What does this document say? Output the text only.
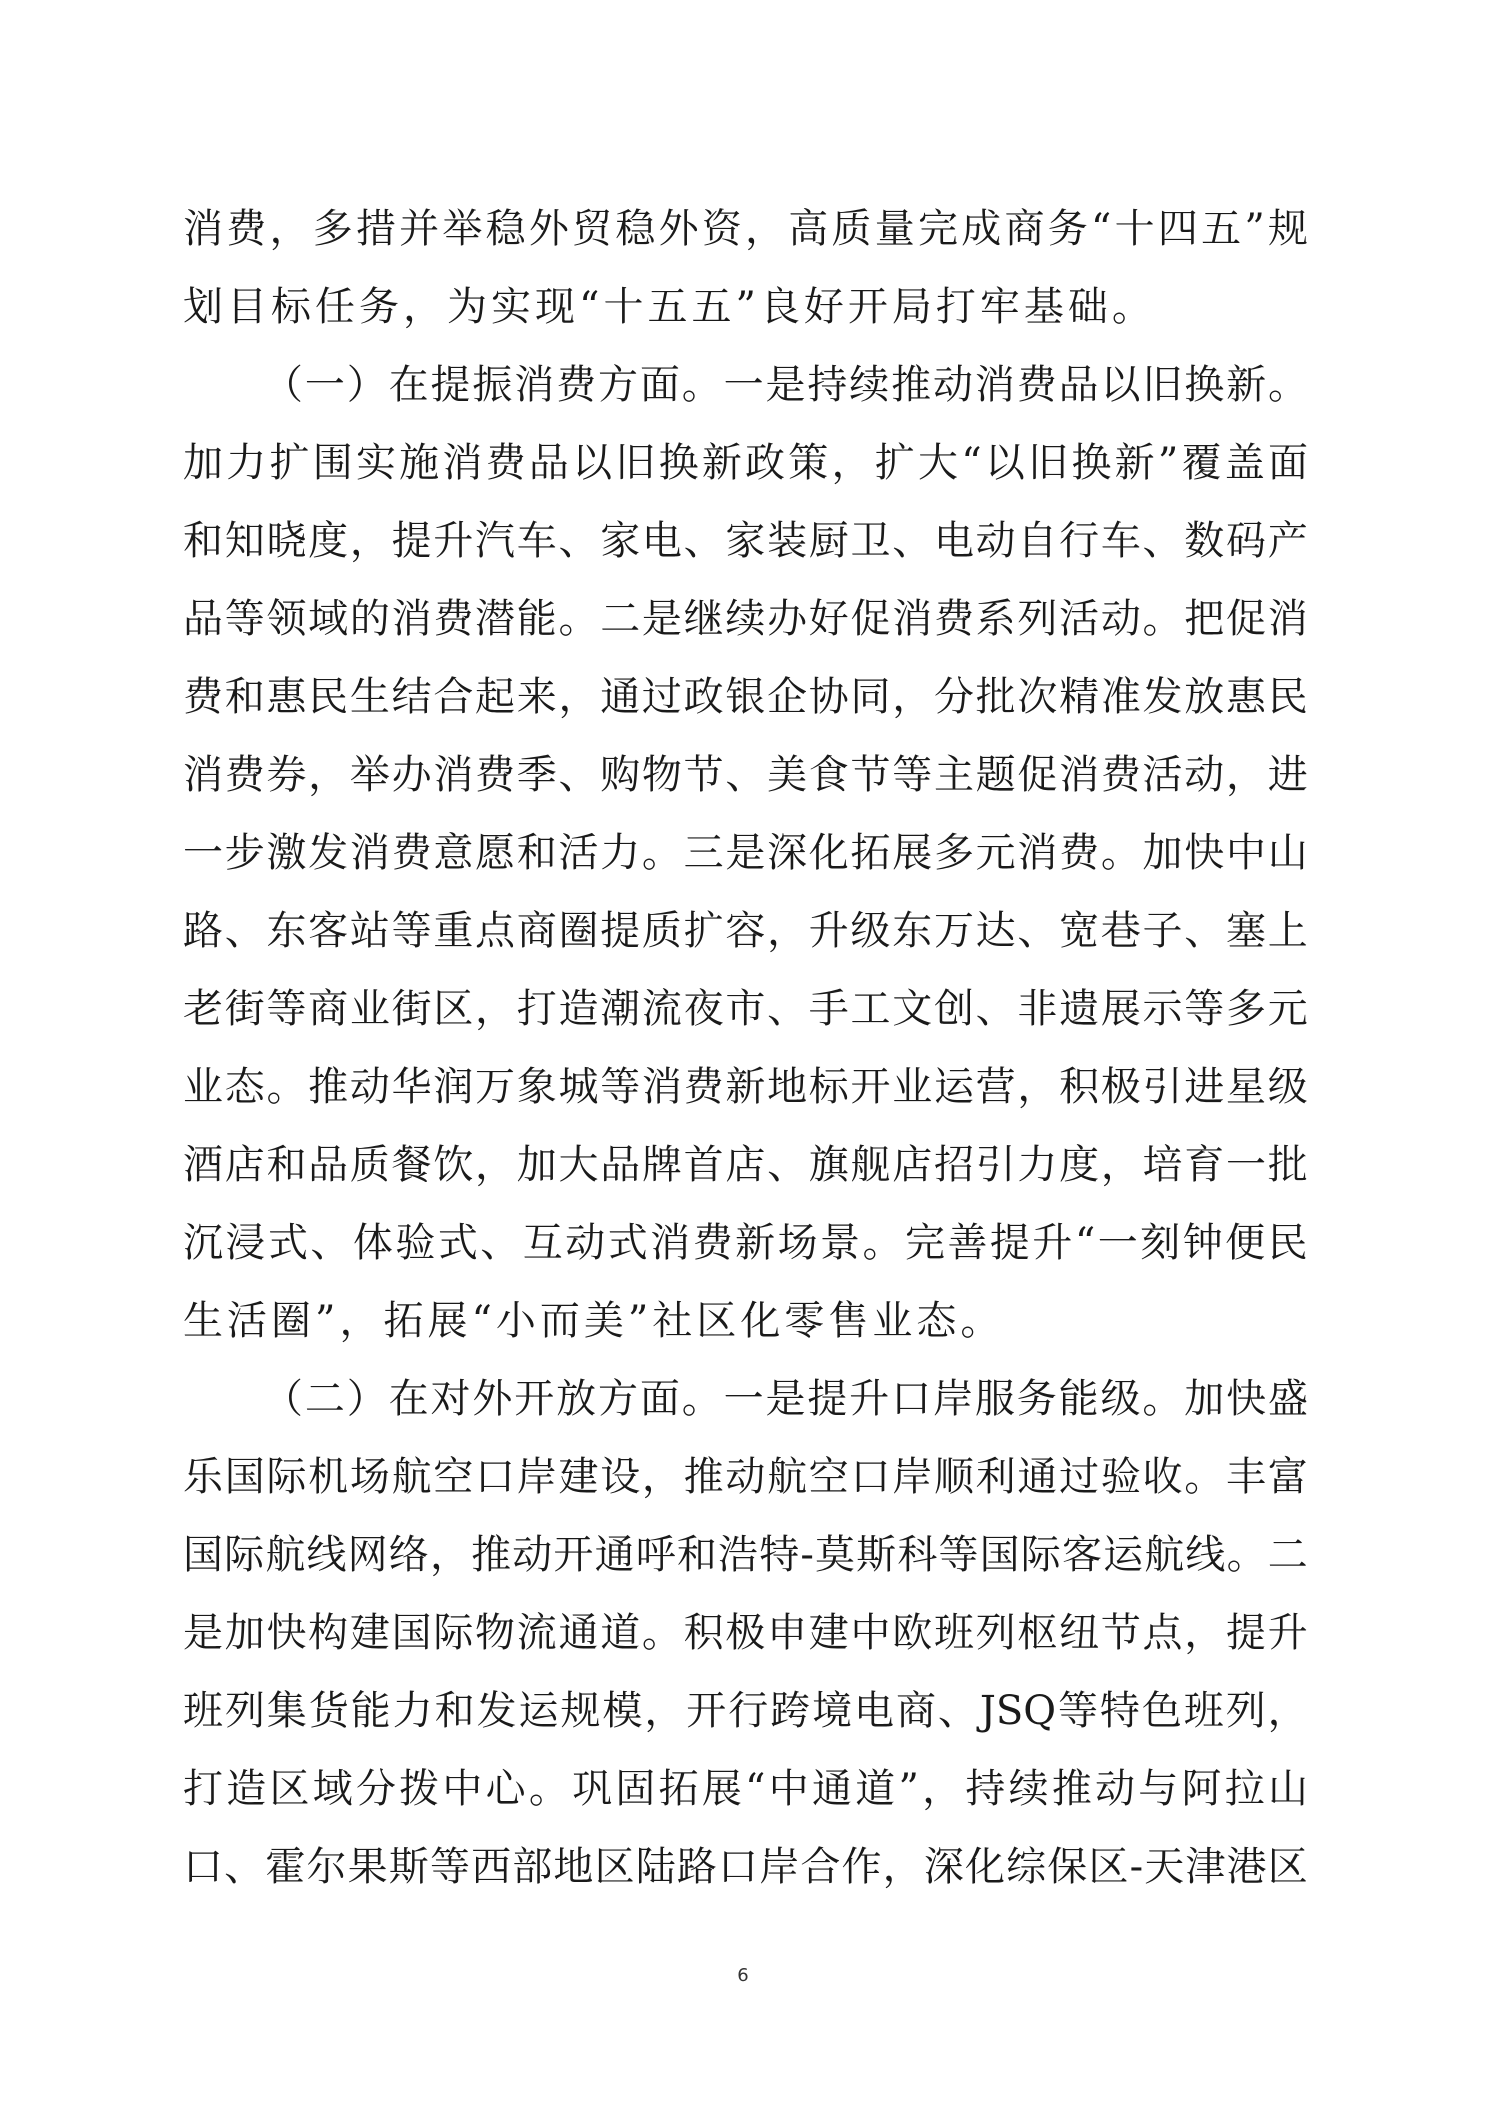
消 费 ， 多 措 并 举 稳 外 贸 稳 外 资 ， 高 质 量 完 成 商 务 “ 十 四 五 ” 规
划目标任务，为实现“十五五”良好开局打牢基础。
（ 一 ） 在 提 振 消 费 方 面 。 一 是 持 续 推 动 消 费 品 以 旧 换 新 。
加 力 扩 围 实 施 消 费 品 以 旧 换 新 政 策 ， 扩 大 “ 以 旧 换 新 ” 覆 盖 面
和 知 晓 度 ， 提 升 汽 车 、 家 电 、 家 装 厨 卫 、 电 动 自 行 车 、 数 码 产
品 等 领 域 的 消 费 潜 能 。 二 是 继 续 办 好 促 消 费 系 列 活 动 。 把 促 消
费 和 惠 民 生 结 合 起 来 ， 通 过 政 银 企 协 同 ， 分 批 次 精 准 发 放 惠 民
消 费 券 ， 举 办 消 费 季 、 购 物 节 、 美 食 节 等 主 题 促 消 费 活 动 ， 进
一 步 激 发 消 费 意 愿 和 活 力 。 三 是 深 化 拓 展 多 元 消 费 。 加 快 中 山
路 、 东 客 站 等 重 点 商 圈 提 质 扩 容 ， 升 级 东 万 达 、 宽 巷 子 、 塞 上
老 街 等 商 业 街 区 ， 打 造 潮 流 夜 市 、 手 工 文 创 、 非 遗 展 示 等 多 元
业 态 。 推 动 华 润 万 象 城 等 消 费 新 地 标 开 业 运 营 ， 积 极 引 进 星 级
酒 店 和 品 质 餐 饮 ， 加 大 品 牌 首 店 、 旗 舰 店 招 引 力 度 ， 培 育 一 批
沉 浸 式 、 体 验 式 、 互 动 式 消 费 新 场 景 。 完 善 提 升 “ 一 刻 钟 便 民
生活圈”，拓展“小而美”社区化零售业态。
（ 二 ） 在 对 外 开 放 方 面 。 一 是 提 升 口 岸 服 务 能 级 。 加 快 盛
乐 国 际 机 场 航 空 口 岸 建 设 ， 推 动 航 空 口 岸 顺 利 通 过 验 收 。 丰 富
国 际 航 线 网 络 ， 推 动 开 通 呼 和 浩 特 - 莫 斯 科 等 国 际 客 运 航 线 。 二
是 加 快 构 建 国 际 物 流 通 道 。 积 极 申 建 中 欧 班 列 枢 纽 节 点 ， 提 升
班 列 集 货 能 力 和 发 运 规 模 ， 开 行 跨 境 电 商 、 JSQ 等 特 色 班 列 ，
打 造 区 域 分 拨 中 心 。 巩 固 拓 展 “ 中 通 道 ” ， 持 续 推 动 与 阿 拉 山
口 、 霍 尔 果 斯 等 西 部 地 区 陆 路 口 岸 合 作 ， 深 化 综 保 区 - 天 津 港 区
6
